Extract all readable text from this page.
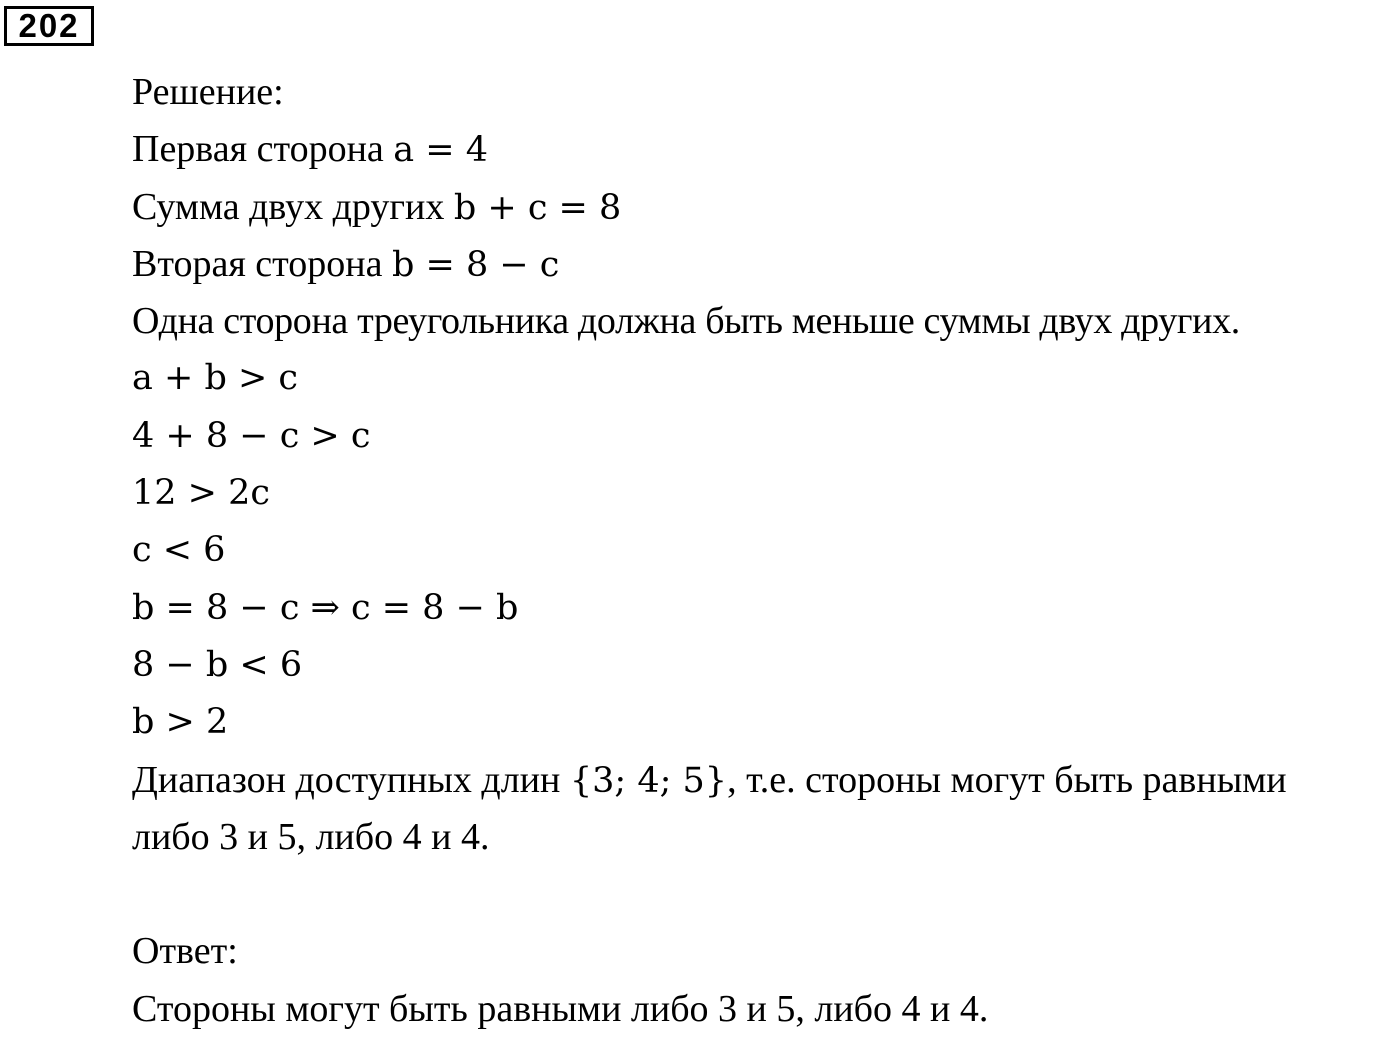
202
Решение:
Первая сторона a = 4
Сумма двух других b + c = 8
Вторая сторона b = 8 − c
Одна сторона треугольника должна быть меньше суммы двух других.
a + b > c
4 + 8 − c > c
12 > 2c
c < 6
b = 8 − c ⇒ c = 8 − b
8 − b < 6
b > 2
Диапазон доступных длин {3; 4; 5}, т.е. стороны могут быть равными
либо 3 и 5, либо 4 и 4.
Ответ:
Стороны могут быть равными либо 3 и 5, либо 4 и 4.
